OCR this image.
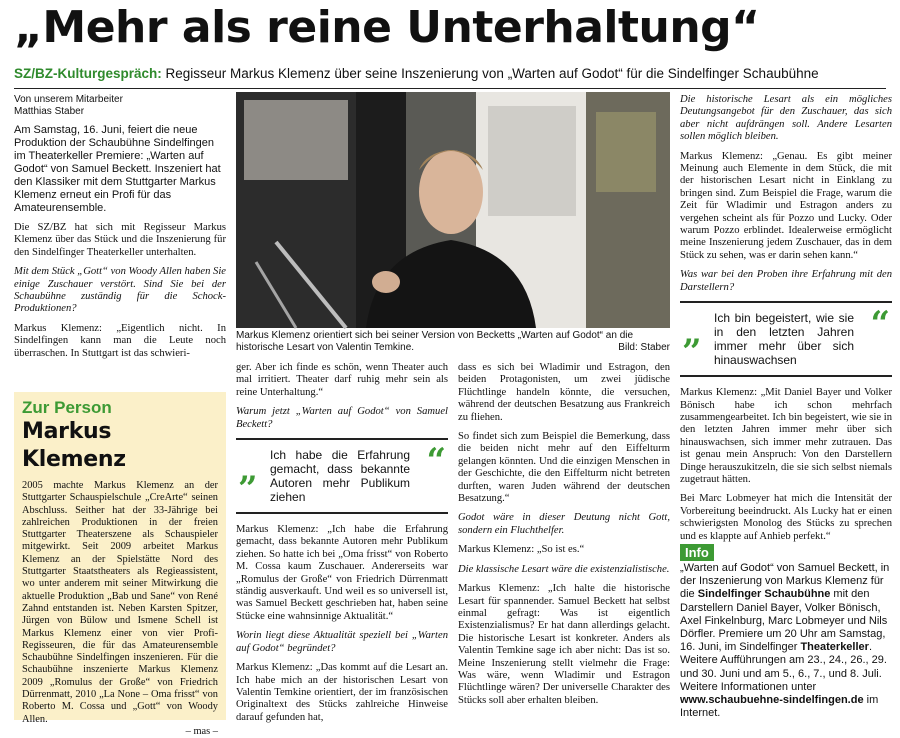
„Mehr als reine Unterhaltung“
SZ/BZ-Kulturgespräch: Regisseur Markus Klemenz über seine Inszenierung von „Warten auf Godot“ für die Sindelfinger Schaubühne
Von unserem Mitarbeiter
Matthias Staber

Am Samstag, 16. Juni, feiert die neue Produktion der Schaubühne Sindelfingen im Theaterkeller Premiere: „Warten auf Godot“ von Samuel Beckett. Inszeniert hat den Klassiker mit dem Stuttgarter Markus Klemenz erneut ein Profi für das Amateurensemble.

Die SZ/BZ hat sich mit Regisseur Markus Klemenz über das Stück und die Inszenierung für den Sindelfinger Theaterkeller unterhalten.

Mit dem Stück „Gott“ von Woody Allen haben Sie einige Zuschauer verstört. Sind Sie bei der Schaubühne zuständig für die Schock-Produktionen?

Markus Klemenz: „Eigentlich nicht. In Sindelfingen kann man die Leute noch überraschen. In Stuttgart ist das schwieri-

Markus Klemenz orientiert sich bei seiner Version von Becketts „Warten auf Godot“ an die historische Lesart von Valentin Temkine.	Bild: Staber
Zur Person
Markus Klemenz
2005 machte Markus Klemenz an der Stuttgarter Schauspielschule „CreArte“ seinen Abschluss. Seither hat der 33-Jährige bei zahlreichen Produktionen in der freien Stuttgarter Theaterszene als Schauspieler mitgewirkt. Seit 2009 arbeitet Markus Klemenz an der Spielstätte Nord des Stuttgarter Staatstheaters als Regieassistent, wo unter anderem mit seiner Mitwirkung die aktuelle Produktion „Bab und Sane“ von René Zahnd entstanden ist. Neben Karsten Spitzer, Jürgen von Bülow und Ismene Schell ist Markus Klemenz einer von vier Profi-Regisseuren, die für das Amateurensemble Schaubühne Sindelfingen inszenieren. Für die Schaubühne inszenierte Markus Klemenz 2009 „Romulus der Große“ von Friedrich Dürrenmatt, 2010 „La None – Oma frisst“ von Roberto M. Cossa und „Gott“ von Woody Allen.
– mas –

ger. Aber ich finde es schön, wenn Theater auch mal irritiert. Theater darf ruhig mehr sein als reine Unterhaltung.“

Warum jetzt „Warten auf Godot“ von Samuel Beckett?

”
Ich habe die Erfahrung gemacht, dass bekannte Autoren mehr Publikum ziehen
“

Markus Klemenz: „Ich habe die Erfahrung gemacht, dass bekannte Autoren mehr Publikum ziehen. So hatte ich bei „Oma frisst“ von Roberto M. Cossa kaum Zuschauer. Andererseits war „Romulus der Große“ von Friedrich Dürrenmatt ständig ausverkauft. Und weil es so universell ist, was Samuel Beckett geschrieben hat, haben seine Stücke eine wahnsinnige Aktualität.“

Worin liegt diese Aktualität speziell bei „Warten auf Godot“ begründet?

Markus Klemenz: „Das kommt auf die Lesart an. Ich habe mich an der historischen Lesart von Valentin Temkine orientiert, der im französischen Originaltext des Stücks zahlreiche Hinweise darauf gefunden hat,

dass es sich bei Wladimir und Estragon, den beiden Protagonisten, um zwei jüdische Flüchtlinge handeln könnte, die versuchen, während der deutschen Besatzung aus Frankreich zu fliehen.

So findet sich zum Beispiel die Bemerkung, dass die beiden nicht mehr auf den Eiffelturm gelangen könnten. Und die einzigen Menschen in der Geschichte, die den Eiffelturm nicht betreten durften, waren Juden während der deutschen Besatzung.“

Godot wäre in dieser Deutung nicht Gott, sondern ein Fluchthelfer.

Markus Klemenz: „So ist es.“

Die klassische Lesart wäre die existenzialistische.

Markus Klemenz: „Ich halte die historische Lesart für spannender. Samuel Beckett hat selbst einmal gefragt: Was ist eigentlich Existenzialismus? Er hat dann allerdings gelacht. Die historische Lesart ist konkreter. Anders als Valentin Temkine sage ich aber nicht: Das ist so. Meine Inszenierung stellt vielmehr die Frage: Was wäre, wenn Wladimir und Estragon Flüchtlinge wären? Der universelle Charakter des Stücks soll aber erhalten bleiben.

Die historische Lesart als ein mögliches Deutungsangebot für den Zuschauer, das sich aber nicht aufdrängen soll. Andere Lesarten sollen möglich bleiben.

Markus Klemenz: „Genau. Es gibt meiner Meinung auch Elemente in dem Stück, die mit der historischen Lesart nicht in Einklang zu bringen sind. Zum Beispiel die Frage, warum die Zeit für Wladimir und Estragon anders zu vergehen scheint als für Pozzo und Lucky. Oder warum Pozzo erblindet. Idealerweise ermöglicht meine Inszenierung jedem Zuschauer, das in dem Stück zu sehen, was er darin sehen kann.“

Was war bei den Proben ihre Erfahrung mit den Darstellern?

”
Ich bin begeistert, wie sie in den letzten Jahren immer mehr über sich hinauswachsen
“

Markus Klemenz: „Mit Daniel Bayer und Volker Bönisch habe ich schon mehrfach zusammengearbeitet. Ich bin begeistert, wie sie in den letzten Jahren immer mehr über sich hinauswachsen, sich immer mehr zutrauen. Das ist genau mein Anspruch: Von den Darstellern Dinge herauszukitzeln, die sie sich selbst niemals zugetraut hätten.

Bei Marc Lobmeyer hat mich die Intensität der Vorbereitung beeindruckt. Als Lucky hat er einen schwierigsten Monolog des Stücks zu sprechen und es klappte auf Anhieb perfekt.“

Info
„Warten auf Godot“ von Samuel Beckett, in der Inszenierung von Markus Klemenz für die Sindelfinger Schaubühne mit den Darstellern Daniel Bayer, Volker Bönisch, Axel Finkelnburg, Marc Lobmeyer und Nils Dörfler. Premiere um 20 Uhr am Samstag, 16. Juni, im Sindelfinger Theaterkeller. Weitere Aufführungen am 23., 24., 26., 29. und 30. Juni und am 5., 6., 7., und 8. Juli. Weitere Informationen unter www.schaubuehne-sindelfingen.de im Internet.
